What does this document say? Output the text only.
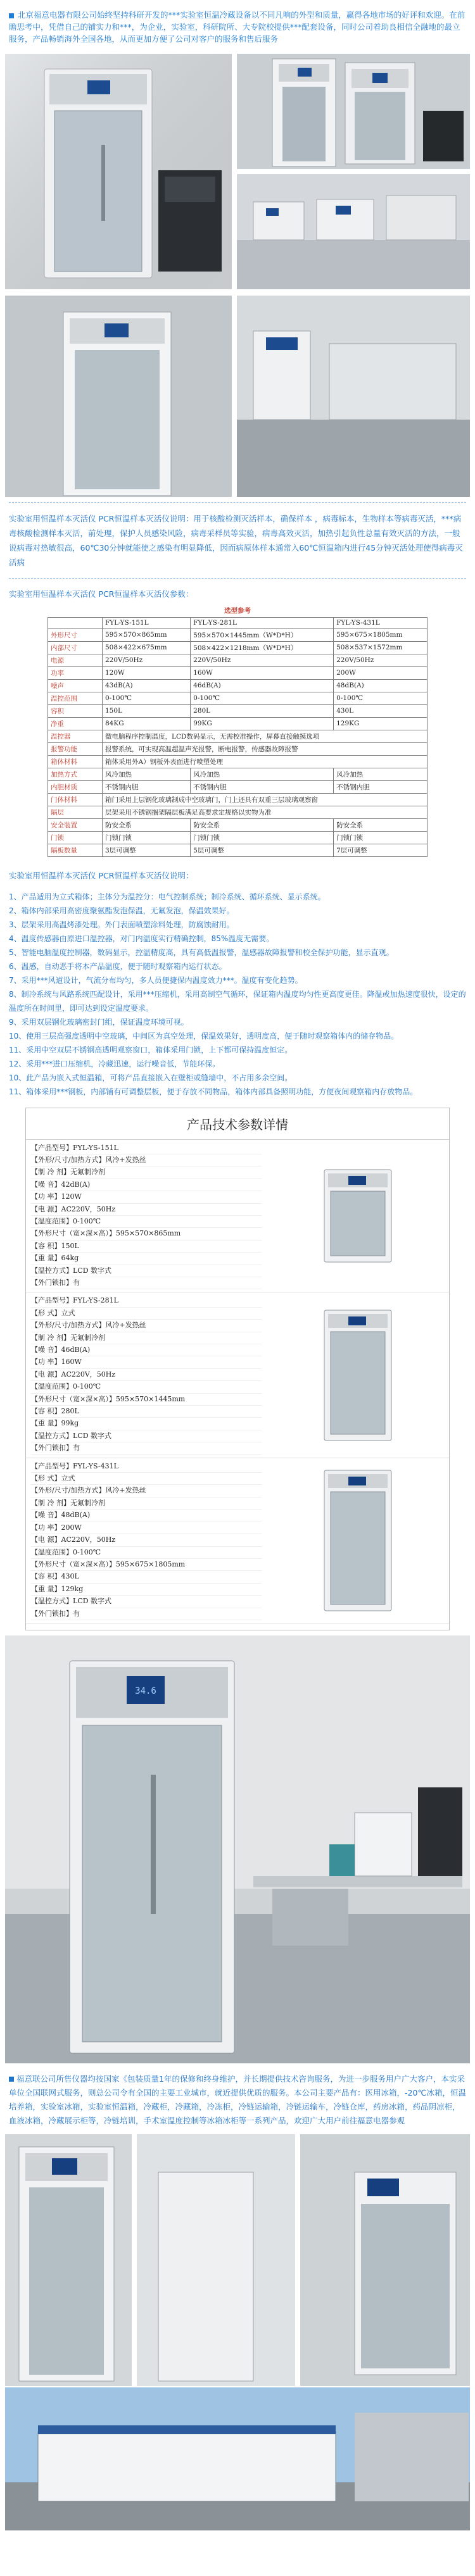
北京福意电器有限公司始终坚持科研开发的***实验室恒温冷藏设备以不同凡响的外型和质量，赢得各地市场的好评和欢迎。在前瞻思考中，凭借自己的铺实力和***，为企业，实验室，科研院所、大专院校提供***配套设备，同时公司着助良相信全融地的最立服务，产品畅销海外全国各地，从而更加方便了公司对客户的服务和售后服务
实验室用恒温样本灭活仪 PCR恒温样本灭活仪说明：用于核酸检测灭活样本，确保样本 ，病毒标本，生物样本等病毒灭活，***病毒核酸检测样本灭活，前处理，保护人员感染风险，病毒采样员等实验，病毒高效灭活，加热引起负性总量有效灭活的方法，一般说病毒对热敏很高，60℃30分钟就能使之感染有明显降低，因而病原体样本通常入60℃恒温箱内进行45分钟灭活处理使得病毒灭活病
实验室用恒温样本灭活仪 PCR恒温样本灭活仪参数：
选型参考			
	FYL-YS-151L	FYL-YS-281L	FYL-YS-431L
外形尺寸	595×570×865mm	595×570×1445mm（W*D*H）	595×675×1805mm
内部尺寸	508×422×675mm	508×422×1218mm（W*D*H）	508×537×1572mm
电源	220V/50Hz	220V/50Hz	220V/50Hz
功率	120W	160W	200W
噪声	43dB(A)	46dB(A)	48dB(A)
温控范围	0-100℃	0-100℃	0-100℃
容积	150L	280L	430L
净重	84KG	99KG	129KG
温控器	微电脑程序控制温度，LCD数码显示，无需校准操作，屏幕直接触摸选项		
报警功能	报警系统，可实现高温超温声光报警，断电报警，传感器故障报警		
箱体材料	箱体采用外A）钢板外表面进行喷塑处理		
加热方式	风冷加热	风冷加热	风冷加热
内胆材质	不锈钢内胆	不锈钢内胆	不锈钢内胆
门体材料	箱门采用上层钢化玻璃制成中空玻璃门，门上还具有双重三层玻璃观察窗		
隔层	层架采用不锈钢搁架隔层板满足高要求定规格以实物为准		
安全装置	防安全系	防安全系	防安全系
门锁	门锁门锁	门锁门锁	门锁门锁
隔板数量	3层可调整	5层可调整	7层可调整
实验室用恒温样本灭活仪 PCR恒温样本灭活仪说明：
1、产品适用为立式箱体；主体分为温控分：电气控制系统；制冷系统、循环系统、显示系统。
2、箱体内部采用高密度聚氨酯发泡保温，无氟发泡，保温效果好。
3、层架采用高温烤漆处理。外门表面喷塑涂料处理，防腐蚀耐用。
4、温度传感器由原进口温控器，对门内温度实行精确控制，85%温度无需要。
5、智能电脑温度控制器，数码显示，控温精度高，具有高低温报警，温感器故障报警和校全保护功能，显示直观。
6、温感，自动恶手将本产品温度，便于随时观察箱内运行状态。
7、采用***风道设计，气流分布均匀，多人员便捷保内温度效力***。温度有变化趋势。
8、制冷系统与风路系统匹配设计，采用***压缩机，采用高制空气循环，保证箱内温度均匀性更高度更佳。降温或加热速度很快，设定的温度所在时间里，即可达到设定温度要求。
9、采用双层钢化玻璃密封门组，保证温度环境可视。
10、使用三层高强度透明中空玻璃，中间区为真空处理，保温效果好，透明度高，便于随时观察箱体内的储存物品。
11、采用中空双层不锈钢高透明观察窗口，箱体采用门锁，上下都可保持温度恒定。
12、采用***进口压缩机，冷藏迅速，运行噪音低，节能环保。
10、此产品为嵌入式恒温箱，可将产品直接嵌入在壁柜或缝墙中，不占用多余空间。
11、箱体采用***钢板，内部铺有可调整层板，便于存放不同物品，箱体内部具备照明功能，方便夜间观察箱内存放物品。
产品技术参数详情
【产品型号】FYL-YS-151L
【外形/尺寸/加热方式】风冷+发热丝
【制 冷 剂】无氟制冷剂
【噪 音】42dB(A)
【功 率】120W
【电 源】AC220V，50Hz
【温度范围】0-100℃
【外形尺寸（宽×深×高）】595×570×865mm
【容 积】150L
【重 量】64kg
【温控方式】LCD 数字式
【外门锁扣】有
【产品型号】FYL-YS-281L
【形 式】立式
【外形/尺寸/加热方式】风冷+发热丝
【制 冷 剂】无氟制冷剂
【噪 音】46dB(A)
【功 率】160W
【电 源】AC220V，50Hz
【温度范围】0-100℃
【外形尺寸（宽×深×高）】595×570×1445mm
【容 积】280L
【重 量】99kg
【温控方式】LCD 数字式
【外门锁扣】有
【产品型号】FYL-YS-431L
【形 式】立式
【外形/尺寸/加热方式】风冷+发热丝
【制 冷 剂】无氟制冷剂
【噪 音】48dB(A)
【功 率】200W
【电 源】AC220V，50Hz
【温度范围】0-100℃
【外形尺寸（宽×深×高）】595×675×1805mm
【容 积】430L
【重 量】129kg
【温控方式】LCD 数字式
【外门锁扣】有
34.6
福意联公司所售仪器均按国家《包装质量1年的保修和终身维护，并长期提供技术咨询服务，为进一步服务用户广大客户，本实采单位全国联网式服务，则总公司令有全国的主要工业城市，就近提供优质的服务。本公司主要产品有：医用冰箱，-20℃冰箱，恒温培养箱，实验室冰箱，实验室恒温箱，冷藏柜，冷藏箱，冷冻柜，冷链运输箱，冷链运输车，冷链仓库，药房冰箱，药品阴凉柜，血液冰箱，冷藏展示柜等，冷链培训，手术室温度控制等冰箱冰柜等一系列产品，欢迎广大用户前往福意电器参观
